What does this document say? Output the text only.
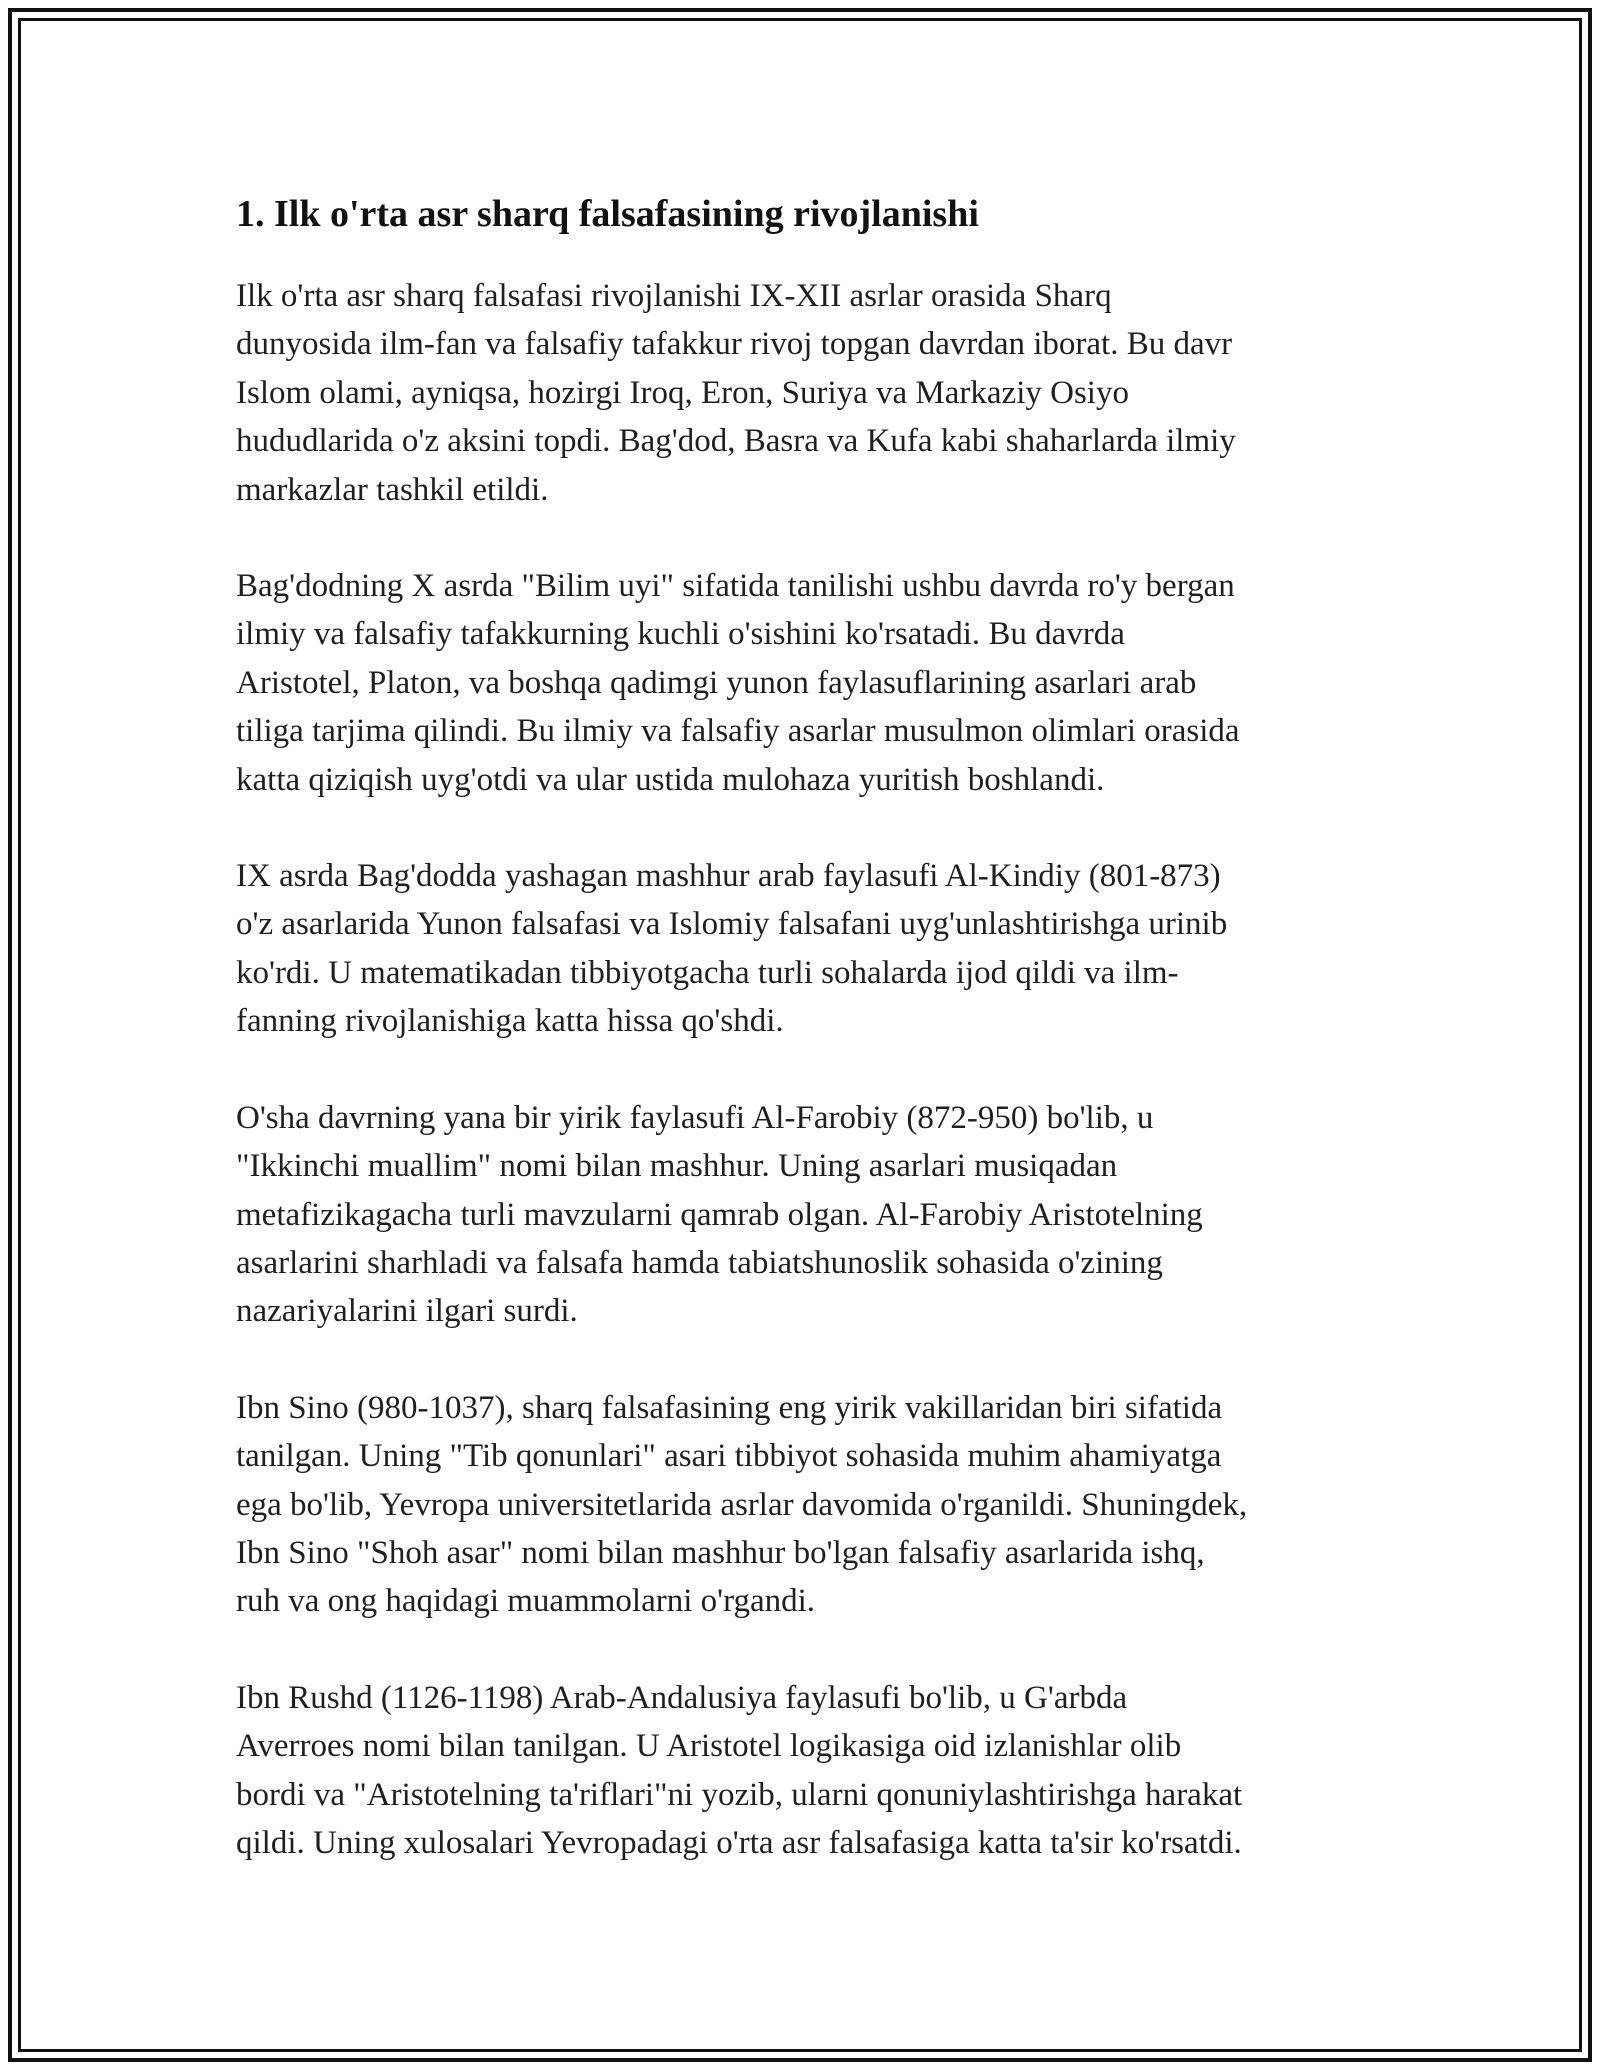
1. Ilk o'rta asr sharq falsafasining rivojlanishi

Ilk o'rta asr sharq falsafasi rivojlanishi IX-XII asrlar orasida Sharq
dunyosida ilm-fan va falsafiy tafakkur rivoj topgan davrdan iborat. Bu davr
Islom olami, ayniqsa, hozirgi Iroq, Eron, Suriya va Markaziy Osiyo
hududlarida o'z aksini topdi. Bag'dod, Basra va Kufa kabi shaharlarda ilmiy
markazlar tashkil etildi.

Bag'dodning X asrda "Bilim uyi" sifatida tanilishi ushbu davrda ro'y bergan
ilmiy va falsafiy tafakkurning kuchli o'sishini ko'rsatadi. Bu davrda
Aristotel, Platon, va boshqa qadimgi yunon faylasuflarining asarlari arab
tiliga tarjima qilindi. Bu ilmiy va falsafiy asarlar musulmon olimlari orasida
katta qiziqish uyg'otdi va ular ustida mulohaza yuritish boshlandi.

IX asrda Bag'dodda yashagan mashhur arab faylasufi Al-Kindiy (801-873)
o'z asarlarida Yunon falsafasi va Islomiy falsafani uyg'unlashtirishga urinib
ko'rdi. U matematikadan tibbiyotgacha turli sohalarda ijod qildi va ilm-
fanning rivojlanishiga katta hissa qo'shdi.

O'sha davrning yana bir yirik faylasufi Al-Farobiy (872-950) bo'lib, u
"Ikkinchi muallim" nomi bilan mashhur. Uning asarlari musiqadan
metafizikagacha turli mavzularni qamrab olgan. Al-Farobiy Aristotelning
asarlarini sharhladi va falsafa hamda tabiatshunoslik sohasida o'zining
nazariyalarini ilgari surdi.

Ibn Sino (980-1037), sharq falsafasining eng yirik vakillaridan biri sifatida
tanilgan. Uning "Tib qonunlari" asari tibbiyot sohasida muhim ahamiyatga
ega bo'lib, Yevropa universitetlarida asrlar davomida o'rganildi. Shuningdek,
Ibn Sino "Shoh asar" nomi bilan mashhur bo'lgan falsafiy asarlarida ishq,
ruh va ong haqidagi muammolarni o'rgandi.

Ibn Rushd (1126-1198) Arab-Andalusiya faylasufi bo'lib, u G'arbda
Averroes nomi bilan tanilgan. U Aristotel logikasiga oid izlanishlar olib
bordi va "Aristotelning ta'riflari"ni yozib, ularni qonuniylashtirishga harakat
qildi. Uning xulosalari Yevropadagi o'rta asr falsafasiga katta ta'sir ko'rsatdi.
